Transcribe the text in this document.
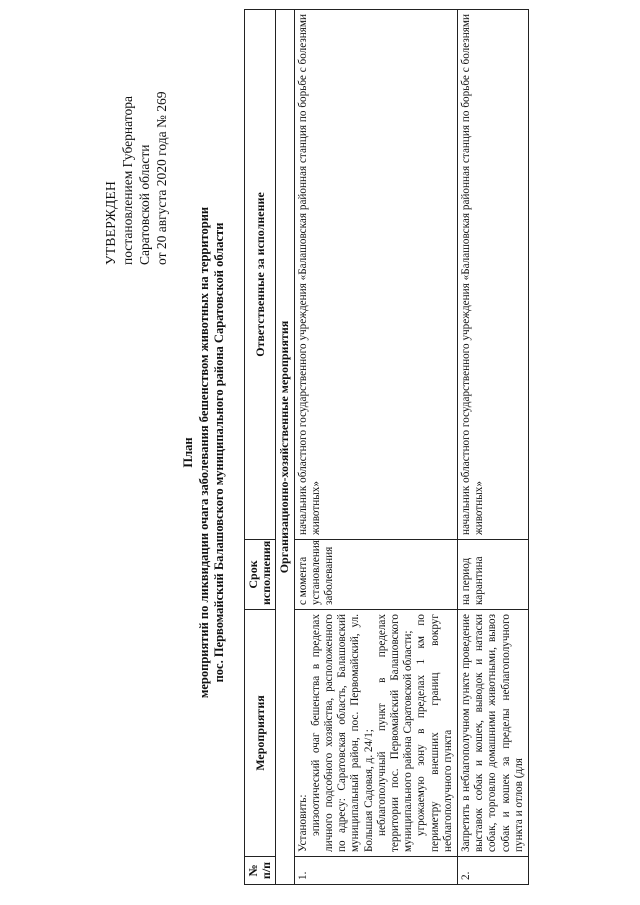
УТВЕРЖДЕН постановлением Губернатора Саратовской области от 20 августа 2020 года № 269
План мероприятий по ликвидации очага заболевания бешенством животных на территории пос. Первомайский Балашовского муниципального района Саратовской области
№ п/п	Мероприятия	Срок исполнения	Ответственные за исполнение
Организационно-хозяйственные мероприятия			
1.	Установить: эпизоотический очаг бешенства в пределах личного подсобного хозяйства, расположенного по адресу: Саратовская область, Балашовский муниципальный район, пос. Первомайский, ул. Большая Садовая, д. 24/1; неблагополучный пункт в пределах территории пос. Первомайский Балашовского муниципального района Саратовской области; угрожаемую зону в пределах 1 км по периметру внешних границ вокруг неблагополучного пункта	с момента установления заболевания	начальник областного государственного учреждения «Балашовская районная станция по борьбе с болезнями животных»
2.	Запретить в неблагополучном пункте проведение выставок собак и кошек, выводок и натаски собак, торговлю домашними животными, вывоз собак и кошек за пределы неблагополучного пункта и отлов (для	на период карантина	начальник областного государственного учреждения «Балашовская районная станция по борьбе с болезнями животных»
